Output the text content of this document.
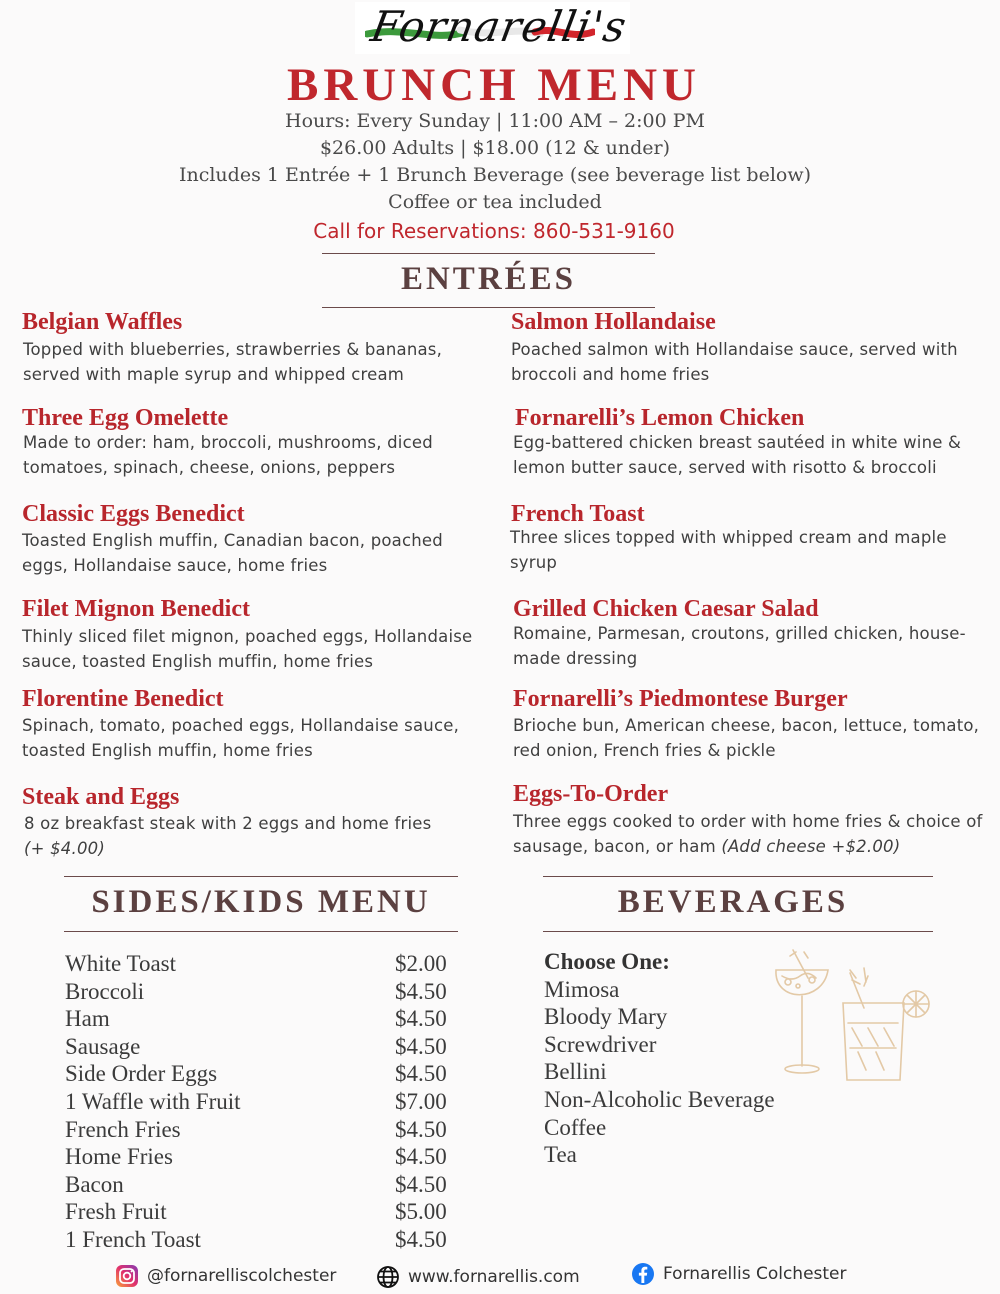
Fornarelli's
BRUNCH MENU
Hours: Every Sunday | 11:00 AM – 2:00 PM
$26.00 Adults | $18.00 (12 & under)
Includes 1 Entrée + 1 Brunch Beverage (see beverage list below)
Coffee or tea included
Call for Reservations: 860-531-9160
ENTRÉES
Belgian Waffles
Topped with blueberries, strawberries & bananas, served with maple syrup and whipped cream
Three Egg Omelette
Made to order: ham, broccoli, mushrooms, diced tomatoes, spinach, cheese, onions, peppers
Classic Eggs Benedict
Toasted English muffin, Canadian bacon, poached eggs, Hollandaise sauce, home fries
Filet Mignon Benedict
Thinly sliced filet mignon, poached eggs, Hollandaise sauce, toasted English muffin, home fries
Florentine Benedict
Spinach, tomato, poached eggs, Hollandaise sauce, toasted English muffin, home fries
Steak and Eggs
8 oz breakfast steak with 2 eggs and home fries
(+ $4.00)
Salmon Hollandaise
Poached salmon with Hollandaise sauce, served with broccoli and home fries
Fornarelli’s Lemon Chicken
Egg-battered chicken breast sautéed in white wine & lemon butter sauce, served with risotto & broccoli
French Toast
Three slices topped with whipped cream and maple syrup
Grilled Chicken Caesar Salad
Romaine, Parmesan, croutons, grilled chicken, house-made dressing
Fornarelli’s Piedmontese Burger
Brioche bun, American cheese, bacon, lettuce, tomato, red onion, French fries & pickle
Eggs-To-Order
Three eggs cooked to order with home fries & choice of sausage, bacon, or ham (Add cheese +$2.00)
SIDES/KIDS MENU
White Toast	$2.00
Broccoli	$4.50
Ham	$4.50
Sausage	$4.50
Side Order Eggs	$4.50
1 Waffle with Fruit	$7.00
French Fries	$4.50
Home Fries	$4.50
Bacon	$4.50
Fresh Fruit	$5.00
1 French Toast	$4.50
BEVERAGES
Choose One:
Mimosa
Bloody Mary
Screwdriver
Bellini
Non-Alcoholic Beverage
Coffee
Tea
@fornarelliscolchester	www.fornarellis.com	Fornarellis Colchester
